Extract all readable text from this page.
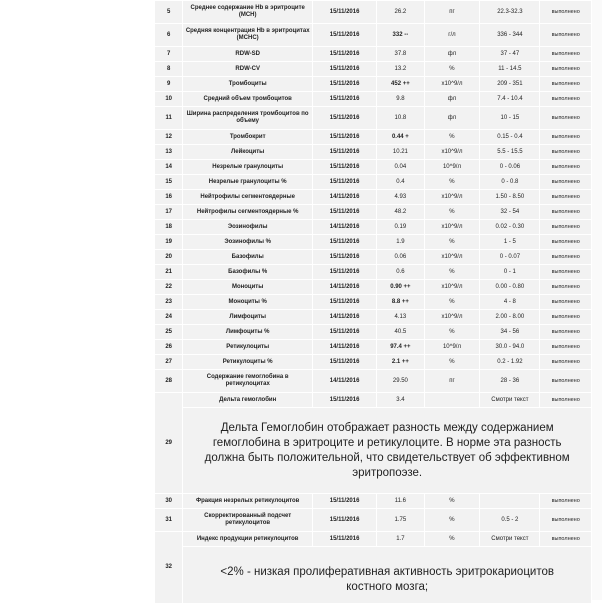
5	Среднее содержание Hb в эритроците (MCH)	15/11/2016	26.2	пг	22.3-32.3	выполнено
6	Средняя концентрация Hb в эритроцитах (MCHC)	15/11/2016	332 --	г/л	336 - 344	выполнено
7	RDW-SD	15/11/2016	37.8	фл	37 - 47	выполнено
8	RDW-CV	15/11/2016	13.2	%	11 - 14.5	выполнено
9	Тромбоциты	15/11/2016	452 ++	x10^9/л	209 - 351	выполнено
10	Средний объем тромбоцитов	15/11/2016	9.8	фл	7.4 - 10.4	выполнено
11	Ширина распределения тромбоцитов по объему	15/11/2016	10.8	фл	10 - 15	выполнено
12	Тромбокрит	15/11/2016	0.44 +	%	0.15 - 0.4	выполнено
13	Лейкоциты	15/11/2016	10.21	x10^9/л	5.5 - 15.5	выполнено
14	Незрелые гранулоциты	15/11/2016	0.04	10^9/л	0 - 0.06	выполнено
15	Незрелые гранулоциты %	15/11/2016	0.4	%	0 - 0.8	выполнено
16	Нейтрофилы сегментоядерные	14/11/2016	4.93	x10^9/л	1.50 - 8.50	выполнено
17	Нейтрофилы сегментоядерные %	15/11/2016	48.2	%	32 - 54	выполнено
18	Эозинофилы	14/11/2016	0.19	x10^9/л	0.02 - 0.30	выполнено
19	Эозинофилы %	15/11/2016	1.9	%	1 - 5	выполнено
20	Базофилы	15/11/2016	0.06	x10^9/л	0 - 0.07	выполнено
21	Базофилы %	15/11/2016	0.6	%	0 - 1	выполнено
22	Моноциты	14/11/2016	0.90 ++	x10^9/л	0.00 - 0.80	выполнено
23	Моноциты %	15/11/2016	8.8 ++	%	4 - 8	выполнено
24	Лимфоциты	14/11/2016	4.13	x10^9/л	2.00 - 8.00	выполнено
25	Лимфоциты %	15/11/2016	40.5	%	34 - 56	выполнено
26	Ретикулоциты	14/11/2016	97.4 ++	10^9/л	30.0 - 94.0	выполнено
27	Ретикулоциты %	15/11/2016	2.1 ++	%	0.2 - 1.92	выполнено
28	Содержание гемоглобина в ретикулоцитах	14/11/2016	29.50	пг	28 - 36	выполнено
29	Дельта гемоглобин	15/11/2016	3.4		Смотри текст	выполнено
	Дельта Гемоглобин отображает разность между содержанием гемоглобина в эритроците и ретикулоците. В норме эта разность должна быть положительной, что свидетельствует об эффективном эритропоэзе.					
30	Фракция незрелых ретикулоцитов	15/11/2016	11.6	%		выполнено
31	Скорректированный подсчет ретикулоцитов	15/11/2016	1.75	%	0.5 - 2	выполнено
32	Индекс продукции ретикулоцитов	15/11/2016	1.7	%	Смотри текст	выполнено
	<2% - низкая пролиферативная активность эритрокариоцитов костного мозга;					
